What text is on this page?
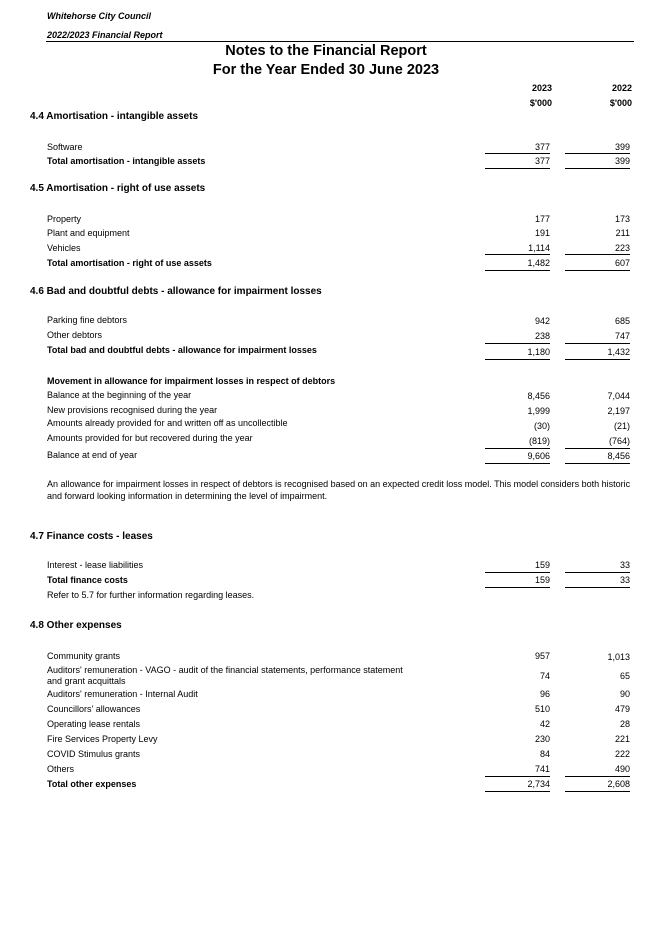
Whitehorse City Council
2022/2023 Financial Report
Notes to the Financial Report
For the Year Ended 30 June 2023
2023	2022
$'000	$'000
4.4 Amortisation - intangible assets
Software	377	399
Total amortisation - intangible assets	377	399
4.5 Amortisation - right of use assets
Property	177	173
Plant and equipment	191	211
Vehicles	1,114	223
Total amortisation - right of use assets	1,482	607
4.6 Bad and doubtful debts - allowance for impairment losses
Parking fine debtors	942	685
Other debtors	238	747
Total bad and doubtful debts - allowance for impairment losses	1,180	1,432
Movement in allowance for impairment losses in respect of debtors
Balance at the beginning of the year	8,456	7,044
New provisions recognised during the year	1,999	2,197
Amounts already provided for and written off as uncollectible	(30)	(21)
Amounts provided for but recovered during the year	(819)	(764)
Balance at end of year	9,606	8,456
An allowance for impairment losses in respect of debtors is recognised based on an expected credit loss model. This model considers both historic and forward looking information in determining the level of impairment.
4.7 Finance costs - leases
Interest - lease liabilities	159	33
Total finance costs	159	33
Refer to 5.7 for further information regarding leases.
4.8 Other expenses
Community grants	957	1,013
Auditors' remuneration - VAGO - audit of the financial statements, performance statement and grant acquittals	74	65
Auditors' remuneration - Internal Audit	96	90
Councillors' allowances	510	479
Operating lease rentals	42	28
Fire Services Property Levy	230	221
COVID Stimulus grants	84	222
Others	741	490
Total other expenses	2,734	2,608
